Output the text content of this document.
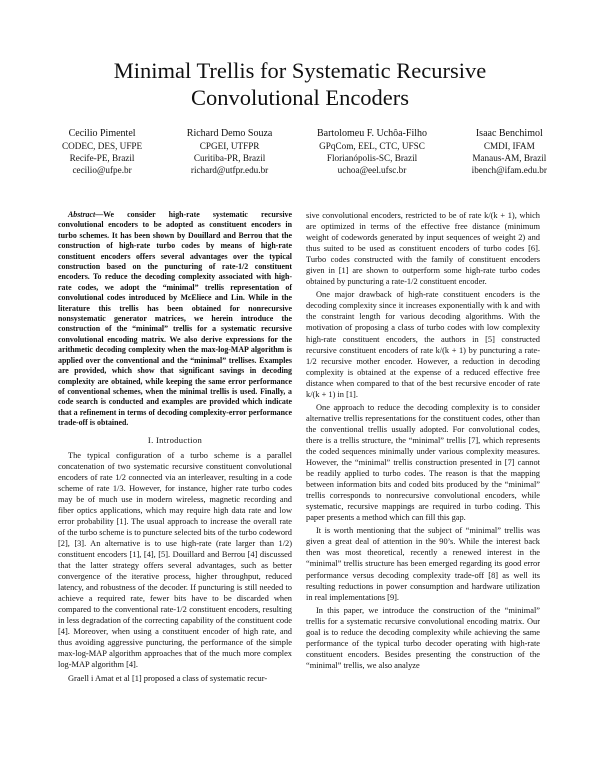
Minimal Trellis for Systematic Recursive
Convolutional Encoders
Cecilio Pimentel
CODEC, DES, UFPE
Recife-PE, Brazil
cecilio@ufpe.br
Richard Demo Souza
CPGEI, UTFPR
Curitiba-PR, Brazil
richard@utfpr.edu.br
Bartolomeu F. Uchôa-Filho
GPqCom, EEL, CTC, UFSC
Florianópolis-SC, Brazil
uchoa@eel.ufsc.br
Isaac Benchimol
CMDI, IFAM
Manaus-AM, Brazil
ibench@ifam.edu.br

Abstract—We consider high-rate systematic recursive convolutional encoders to be adopted as constituent encoders in turbo schemes. It has been shown by Douillard and Berrou that the construction of high-rate turbo codes by means of high-rate constituent encoders offers several advantages over the typical construction based on the puncturing of rate-1/2 constituent encoders. To reduce the decoding complexity associated with high-rate codes, we adopt the “minimal” trellis representation of convolutional codes introduced by McEliece and Lin. While in the literature this trellis has been obtained for nonrecursive nonsystematic generator matrices, we herein introduce the construction of the “minimal” trellis for a systematic recursive convolutional encoding matrix. We also derive expressions for the arithmetic decoding complexity when the max-log-MAP algorithm is applied over the conventional and the “minimal” trellises. Examples are provided, which show that significant savings in decoding complexity are obtained, while keeping the same error performance of conventional schemes, when the minimal trellis is used. Finally, a code search is conducted and examples are provided which indicate that a refinement in terms of decoding complexity-error performance trade-off is obtained.

I. Introduction

The typical configuration of a turbo scheme is a parallel concatenation of two systematic recursive constituent convolutional encoders of rate 1/2 connected via an interleaver, resulting in a code scheme of rate 1/3. However, for instance, higher rate turbo codes may be of much use in modern wireless, magnetic recording and fiber optics applications, which may require high data rate and low error probability [1]. The usual approach to increase the overall rate of the turbo scheme is to puncture selected bits of the turbo codeword [2], [3]. An alternative is to use high-rate (rate larger than 1/2) constituent encoders [1], [4], [5]. Douillard and Berrou [4] discussed that the latter strategy offers several advantages, such as better convergence of the iterative process, higher throughput, reduced latency, and robustness of the decoder. If puncturing is still needed to achieve a required rate, fewer bits have to be discarded when compared to the conventional rate-1/2 constituent encoders, resulting in less degradation of the correcting capability of the constituent code [4]. Moreover, when using a constituent encoder of high rate, and thus avoiding aggressive puncturing, the performance of the simple max-log-MAP algorithm approaches that of the much more complex log-MAP algorithm [4].

Graell i Amat et al [1] proposed a class of systematic recur-

sive convolutional encoders, restricted to be of rate k/(k + 1), which are optimized in terms of the effective free distance (minimum weight of codewords generated by input sequences of weight 2) and thus suited to be used as constituent encoders of turbo codes [6]. Turbo codes constructed with the family of constituent encoders given in [1] are shown to outperform some high-rate turbo codes obtained by puncturing a rate-1/2 constituent encoder.

One major drawback of high-rate constituent encoders is the decoding complexity since it increases exponentially with k and with the constraint length for various decoding algorithms. With the motivation of proposing a class of turbo codes with low complexity high-rate constituent encoders, the authors in [5] constructed recursive constituent encoders of rate k/(k + 1) by puncturing a rate-1/2 recursive mother encoder. However, a reduction in decoding complexity is obtained at the expense of a reduced effective free distance when compared to that of the best recursive encoder of rate k/(k + 1) in [1].

One approach to reduce the decoding complexity is to consider alternative trellis representations for the constituent codes, other than the conventional trellis usually adopted. For convolutional codes, there is a trellis structure, the “minimal” trellis [7], which represents the coded sequences minimally under various complexity measures. However, the “minimal” trellis construction presented in [7] cannot be readily applied to turbo codes. The reason is that the mapping between information bits and coded bits produced by the “minimal” trellis corresponds to nonrecursive convolutional encoders, while systematic, recursive mappings are required in turbo coding. This paper presents a method which can fill this gap.

It is worth mentioning that the subject of “minimal” trellis was given a great deal of attention in the 90’s. While the interest back then was most theoretical, recently a renewed interest in the “minimal” trellis structure has been emerged regarding its good error performance versus decoding complexity trade-off [8] as well its resulting reductions in power consumption and hardware utilization in real implementations [9].

In this paper, we introduce the construction of the “minimal” trellis for a systematic recursive convolutional encoding matrix. Our goal is to reduce the decoding complexity while achieving the same performance of the typical turbo decoder operating with high-rate constituent encoders. Besides presenting the construction of the “minimal” trellis, we also analyze
